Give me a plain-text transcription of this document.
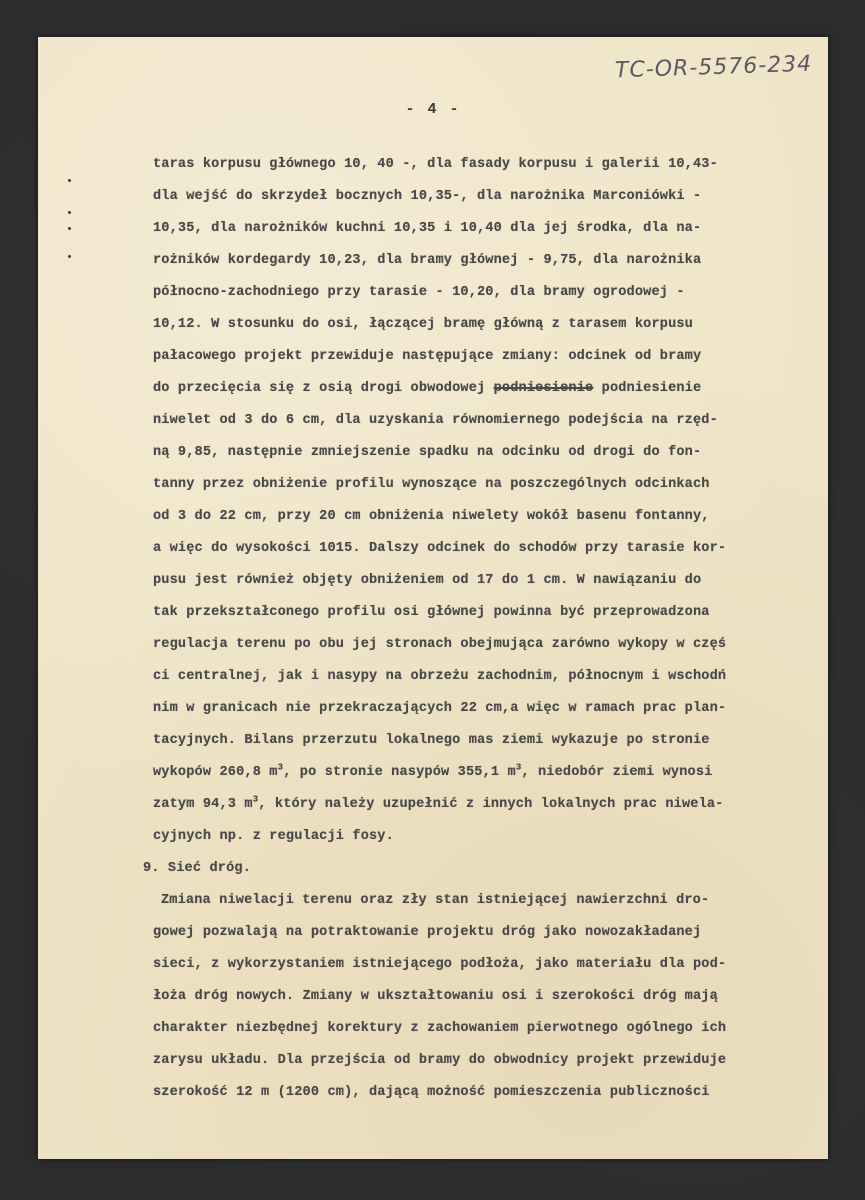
TC-OR-5576-234
- 4 -
taras korpusu głównego 10, 40 -, dla fasady korpusu i galerii 10,43-
dla wejść do skrzydeł bocznych 10,35-, dla narożnika Marconiówki -
10,35, dla narożników kuchni 10,35 i 10,40 dla jej środka, dla na-
rożników kordegardy 10,23, dla bramy głównej - 9,75, dla narożnika
północno-zachodniego przy tarasie - 10,20, dla bramy ogrodowej -
10,12. W stosunku do osi, łączącej bramę główną z tarasem korpusu
pałacowego projekt przewiduje następujące zmiany: odcinek od bramy
do przecięcia się z osią drogi obwodowej podniesienie podniesienie
niwelet od 3 do 6 cm, dla uzyskania równomiernego podejścia na rzęd-
ną 9,85, następnie zmniejszenie spadku na odcinku od drogi do fon-
tanny przez obniżenie profilu wynoszące na poszczególnych odcinkach
od 3 do 22 cm, przy 20 cm obniżenia niwelety wokół basenu fontanny,
a więc do wysokości 1015. Dalszy odcinek do schodów przy tarasie kor-
pusu jest również objęty obniżeniem od 17 do 1 cm. W nawiązaniu do
tak przekształconego profilu osi głównej powinna być przeprowadzona
regulacja terenu po obu jej stronach obejmująca zarówno wykopy w częś
ci centralnej, jak i nasypy na obrzeżu zachodnim, północnym i wschodń
nim w granicach nie przekraczających 22 cm,a więc w ramach prac plan-
tacyjnych. Bilans przerzutu lokalnego mas ziemi wykazuje po stronie
wykopów 260,8 $m^3$, po stronie nasypów 355,1 $m^3$, niedobór ziemi wynosi
zatym 94,3 $m^3$, który należy uzupełnić z innych lokalnych prac niwela-
cyjnych np. z regulacji fosy.
9. Sieć dróg.
Zmiana niwelacji terenu oraz zły stan istniejącej nawierzchni dro-
gowej pozwalają na potraktowanie projektu dróg jako nowozakładanej
sieci, z wykorzystaniem istniejącego podłoża, jako materiału dla pod-
łoża dróg nowych. Zmiany w ukształtowaniu osi i szerokości dróg mają
charakter niezbędnej korektury z zachowaniem pierwotnego ogólnego ich
zarysu układu. Dla przejścia od bramy do obwodnicy projekt przewiduje
szerokość 12 m (1200 cm), dającą możność pomieszczenia publiczności
